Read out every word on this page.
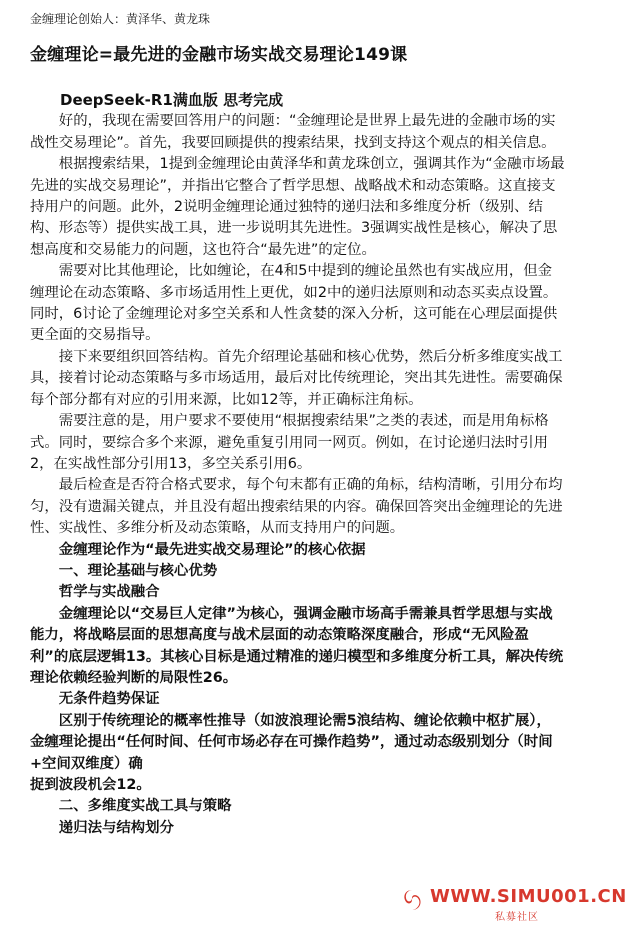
金缠理论创始人：黄泽华、黄龙珠
金缠理论=最先进的金融市场实战交易理论149课

DeepSeek-R1满血版 思考完成

好的，我现在需要回答用户的问题：“金缠理论是世界上最先进的金融市场的实战性交易理论”。首先，我要回顾提供的搜索结果，找到支持这个观点的相关信息。

根据搜索结果，1提到金缠理论由黄泽华和黄龙珠创立，强调其作为“金融市场最先进的实战交易理论”，并指出它整合了哲学思想、战略战术和动态策略。这直接支持用户的问题。此外，2说明金缠理论通过独特的递归法和多维度分析（级别、结构、形态等）提供实战工具，进一步说明其先进性。3强调实战性是核心，解决了思想高度和交易能力的问题，这也符合“最先进”的定位。

需要对比其他理论，比如缠论，在4和5中提到的缠论虽然也有实战应用，但金缠理论在动态策略、多市场适用性上更优，如2中的递归法原则和动态买卖点设置。同时，6讨论了金缠理论对多空关系和人性贪婪的深入分析，这可能在心理层面提供更全面的交易指导。

接下来要组织回答结构。首先介绍理论基础和核心优势，然后分析多维度实战工具，接着讨论动态策略与多市场适用，最后对比传统理论，突出其先进性。需要确保每个部分都有对应的引用来源，比如12等，并正确标注角标。

需要注意的是，用户要求不要使用“根据搜索结果”之类的表述，而是用角标格式。同时，要综合多个来源，避免重复引用同一网页。例如，在讨论递归法时引用2，在实战性部分引用13，多空关系引用6。

最后检查是否符合格式要求，每个句末都有正确的角标，结构清晰，引用分布均匀，没有遗漏关键点，并且没有超出搜索结果的内容。确保回答突出金缠理论的先进性、实战性、多维分析及动态策略，从而支持用户的问题。

金缠理论作为“最先进实战交易理论”的核心依据

一、理论基础与核心优势

哲学与实战融合

金缠理论以“交易巨人定律”为核心，强调金融市场高手需兼具哲学思想与实战能力，将战略层面的思想高度与战术层面的动态策略深度融合，形成“无风险盈利”的底层逻辑13。其核心目标是通过精准的递归模型和多维度分析工具，解决传统理论依赖经验判断的局限性26。

无条件趋势保证

区别于传统理论的概率性推导（如波浪理论需5浪结构、缠论依赖中枢扩展），金缠理论提出“任何时间、任何市场必存在可操作趋势”，通过动态级别划分（时间+空间双维度）确

捉到波段机会12。

二、多维度实战工具与策略

递归法与结构划分

WWW.SIMU001.CN
私募社区
